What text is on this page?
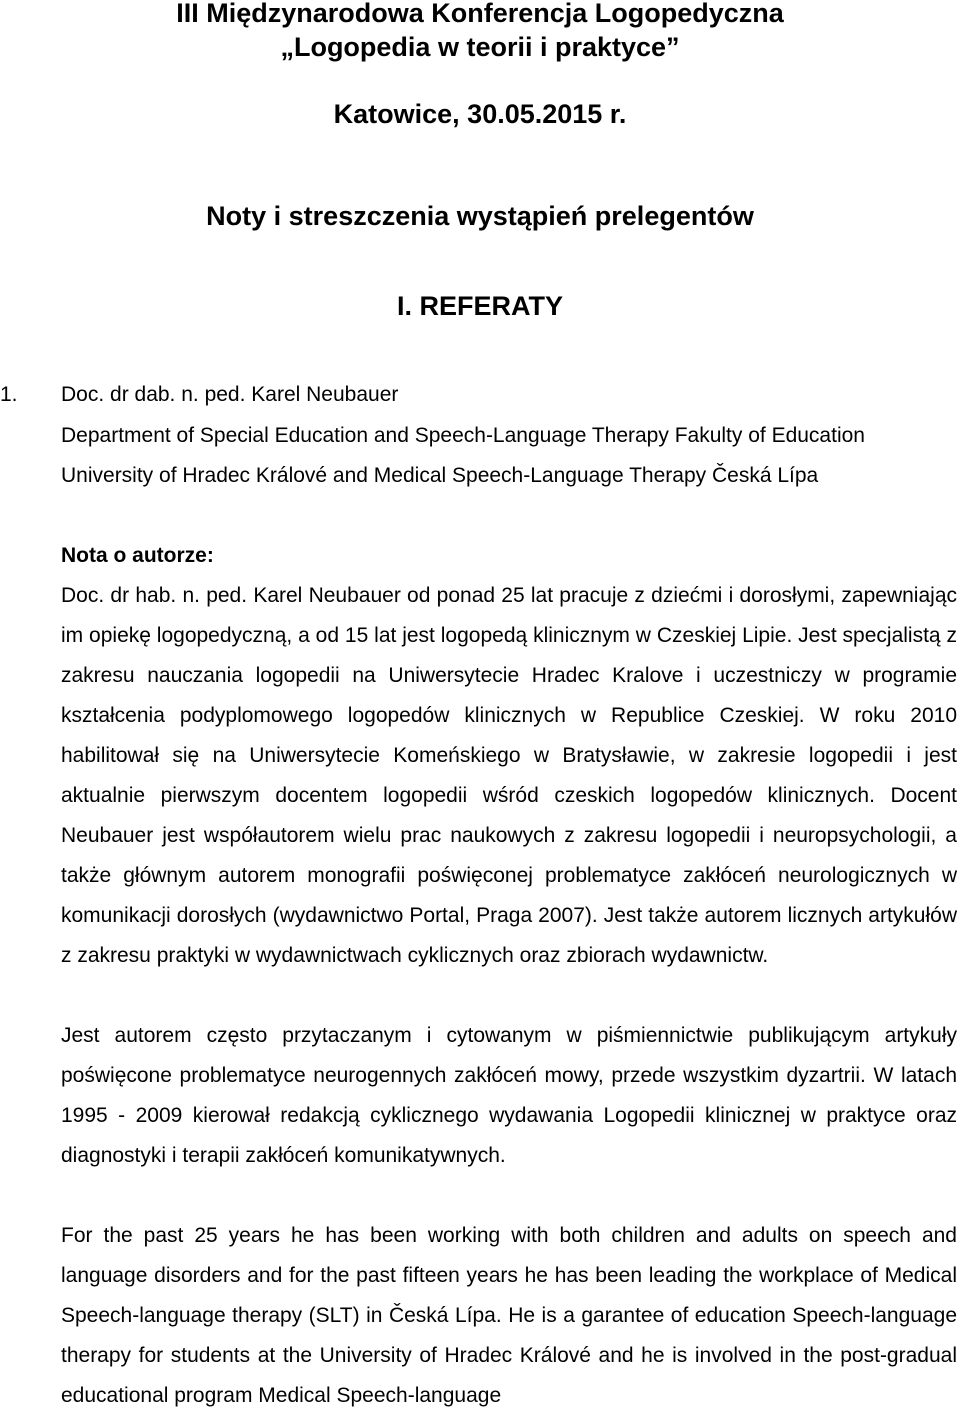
III Międzynarodowa Konferencja Logopedyczna
„Logopedia w teorii i praktyce”
Katowice, 30.05.2015 r.
Noty i streszczenia wystąpień prelegentów
I. REFERATY
1. Doc. dr dab. n. ped. Karel Neubauer
Department of Special Education and Speech-Language Therapy Fakulty of Education
University of Hradec Králové and Medical Speech-Language Therapy Česká Lípa
Nota o autorze:

Doc. dr hab. n. ped. Karel Neubauer od ponad 25 lat pracuje z dziećmi i dorosłymi, zapewniając im opiekę logopedyczną, a od 15 lat jest logopedą klinicznym w Czeskiej Lipie. Jest specjalistą z zakresu nauczania logopedii na Uniwersytecie Hradec Kralove i uczestniczy w programie kształcenia podyplomowego logopedów klinicznych w Republice Czeskiej. W roku 2010 habilitował się na Uniwersytecie Komeńskiego w Bratysławie, w zakresie logopedii i jest aktualnie pierwszym docentem logopedii wśród czeskich logopedów klinicznych. Docent Neubauer jest współautorem wielu prac naukowych z zakresu logopedii i neuropsychologii, a także głównym autorem monografii poświęconej problematyce zakłóceń neurologicznych w komunikacji dorosłych (wydawnictwo Portal, Praga 2007). Jest także autorem licznych artykułów z zakresu praktyki w wydawnictwach cyklicznych oraz zbiorach wydawnictw.

Jest autorem często przytaczanym i cytowanym w piśmiennictwie publikującym artykuły poświęcone problematyce neurogennych zakłóceń mowy, przede wszystkim dyzartrii. W latach 1995 - 2009 kierował redakcją cyklicznego wydawania Logopedii klinicznej w praktyce oraz diagnostyki i terapii zakłóceń komunikatywnych.

For the past 25 years he has been working with both children and adults on speech and language disorders and for the past fifteen years he has been leading the workplace of Medical Speech-language therapy (SLT) in Česká Lípa. He is a garantee of education Speech-language therapy for students at the University of Hradec Králové and he is involved in the post-gradual educational program Medical Speech-language
